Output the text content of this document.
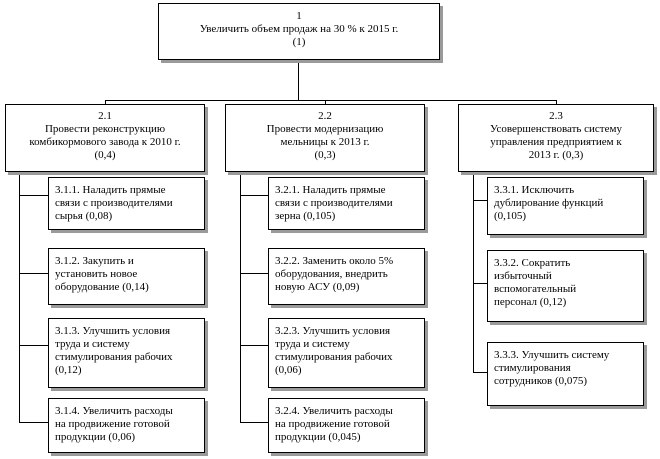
1
Увеличить объем продаж на 30 % к 2015 г.
(1)
2.1
Провести реконструкцию
комбикормового завода к 2010 г.
(0,4)
2.2
Провести модернизацию
мельницы к 2013 г.
(0,3)
2.3
Усовершенствовать систему
управления предприятием к
2013 г. (0,3)
3.1.1. Наладить прямые
связи с производителями
сырья (0,08)
3.1.2. Закупить и
установить новое
оборудование (0,14)
3.1.3. Улучшить условия
труда и систему
стимулирования рабочих
(0,12)
3.1.4. Увеличить расходы
на продвижение готовой
продукции (0,06)
3.2.1. Наладить прямые
связи с производителями
зерна (0,105)
3.2.2. Заменить около 5%
оборудования, внедрить
новую АСУ (0,09)
3.2.3. Улучшить условия
труда и систему
стимулирования рабочих
(0,06)
3.2.4. Увеличить расходы
на продвижение готовой
продукции (0,045)
3.3.1. Исключить
дублирование функций
(0,105)
3.3.2. Сократить
избыточный
вспомогательный
персонал (0,12)
3.3.3. Улучшить систему
стимулирования
сотрудников (0,075)
